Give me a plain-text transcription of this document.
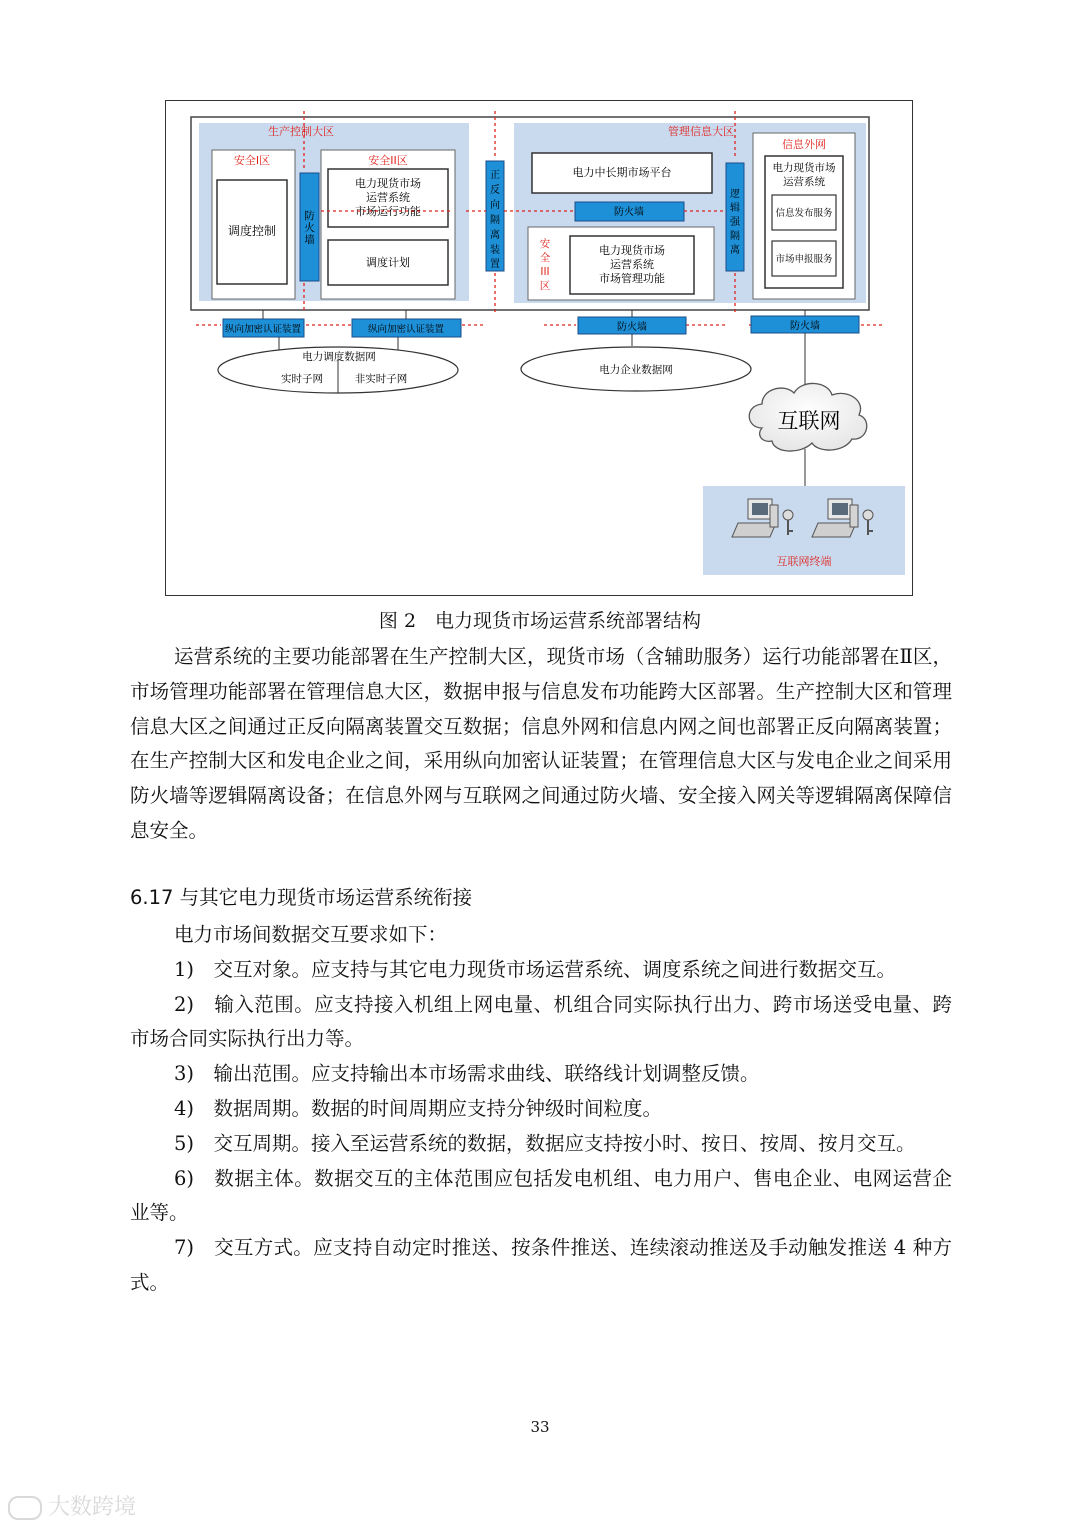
生产控制大区
安全I区
调度控制
防
火
墙
安全II区
电力现货市场
运营系统
市场运行功能
调度计划
正
反
向
隔
离
装
置
管理信息大区
电力中长期市场平台
防火墙
安
全
III
区
电力现货市场
运营系统
市场管理功能
逻
辑
强
隔
离
信息外网
电力现货市场
运营系统
信息发布服务
市场申报服务
纵向加密认证装置	纵向加密认证装置	防火墙	防火墙
电力调度数据网
实时子网	非实时子网
电力企业数据网
互联网
互联网终端
图 2　电力现货市场运营系统部署结构

运营系统的主要功能部署在生产控制大区，现货市场（含辅助服务）运行功能部署在Ⅱ区，市场管理功能部署在管理信息大区，数据申报与信息发布功能跨大区部署。生产控制大区和管理信息大区之间通过正反向隔离装置交互数据；信息外网和信息内网之间也部署正反向隔离装置；在生产控制大区和发电企业之间，采用纵向加密认证装置；在管理信息大区与发电企业之间采用防火墙等逻辑隔离设备；在信息外网与互联网之间通过防火墙、安全接入网关等逻辑隔离保障信息安全。

6.17 与其它电力现货市场运营系统衔接

电力市场间数据交互要求如下：

1)　交互对象。应支持与其它电力现货市场运营系统、调度系统之间进行数据交互。

2)　输入范围。应支持接入机组上网电量、机组合同实际执行出力、跨市场送受电量、跨市场合同实际执行出力等。

3)　输出范围。应支持输出本市场需求曲线、联络线计划调整反馈。

4)　数据周期。数据的时间周期应支持分钟级时间粒度。

5)　交互周期。接入至运营系统的数据，数据应支持按小时、按日、按周、按月交互。

6)　数据主体。数据交互的主体范围应包括发电机组、电力用户、售电企业、电网运营企业等。

7)　交互方式。应支持自动定时推送、按条件推送、连续滚动推送及手动触发推送 4 种方式。

33
大数跨境
